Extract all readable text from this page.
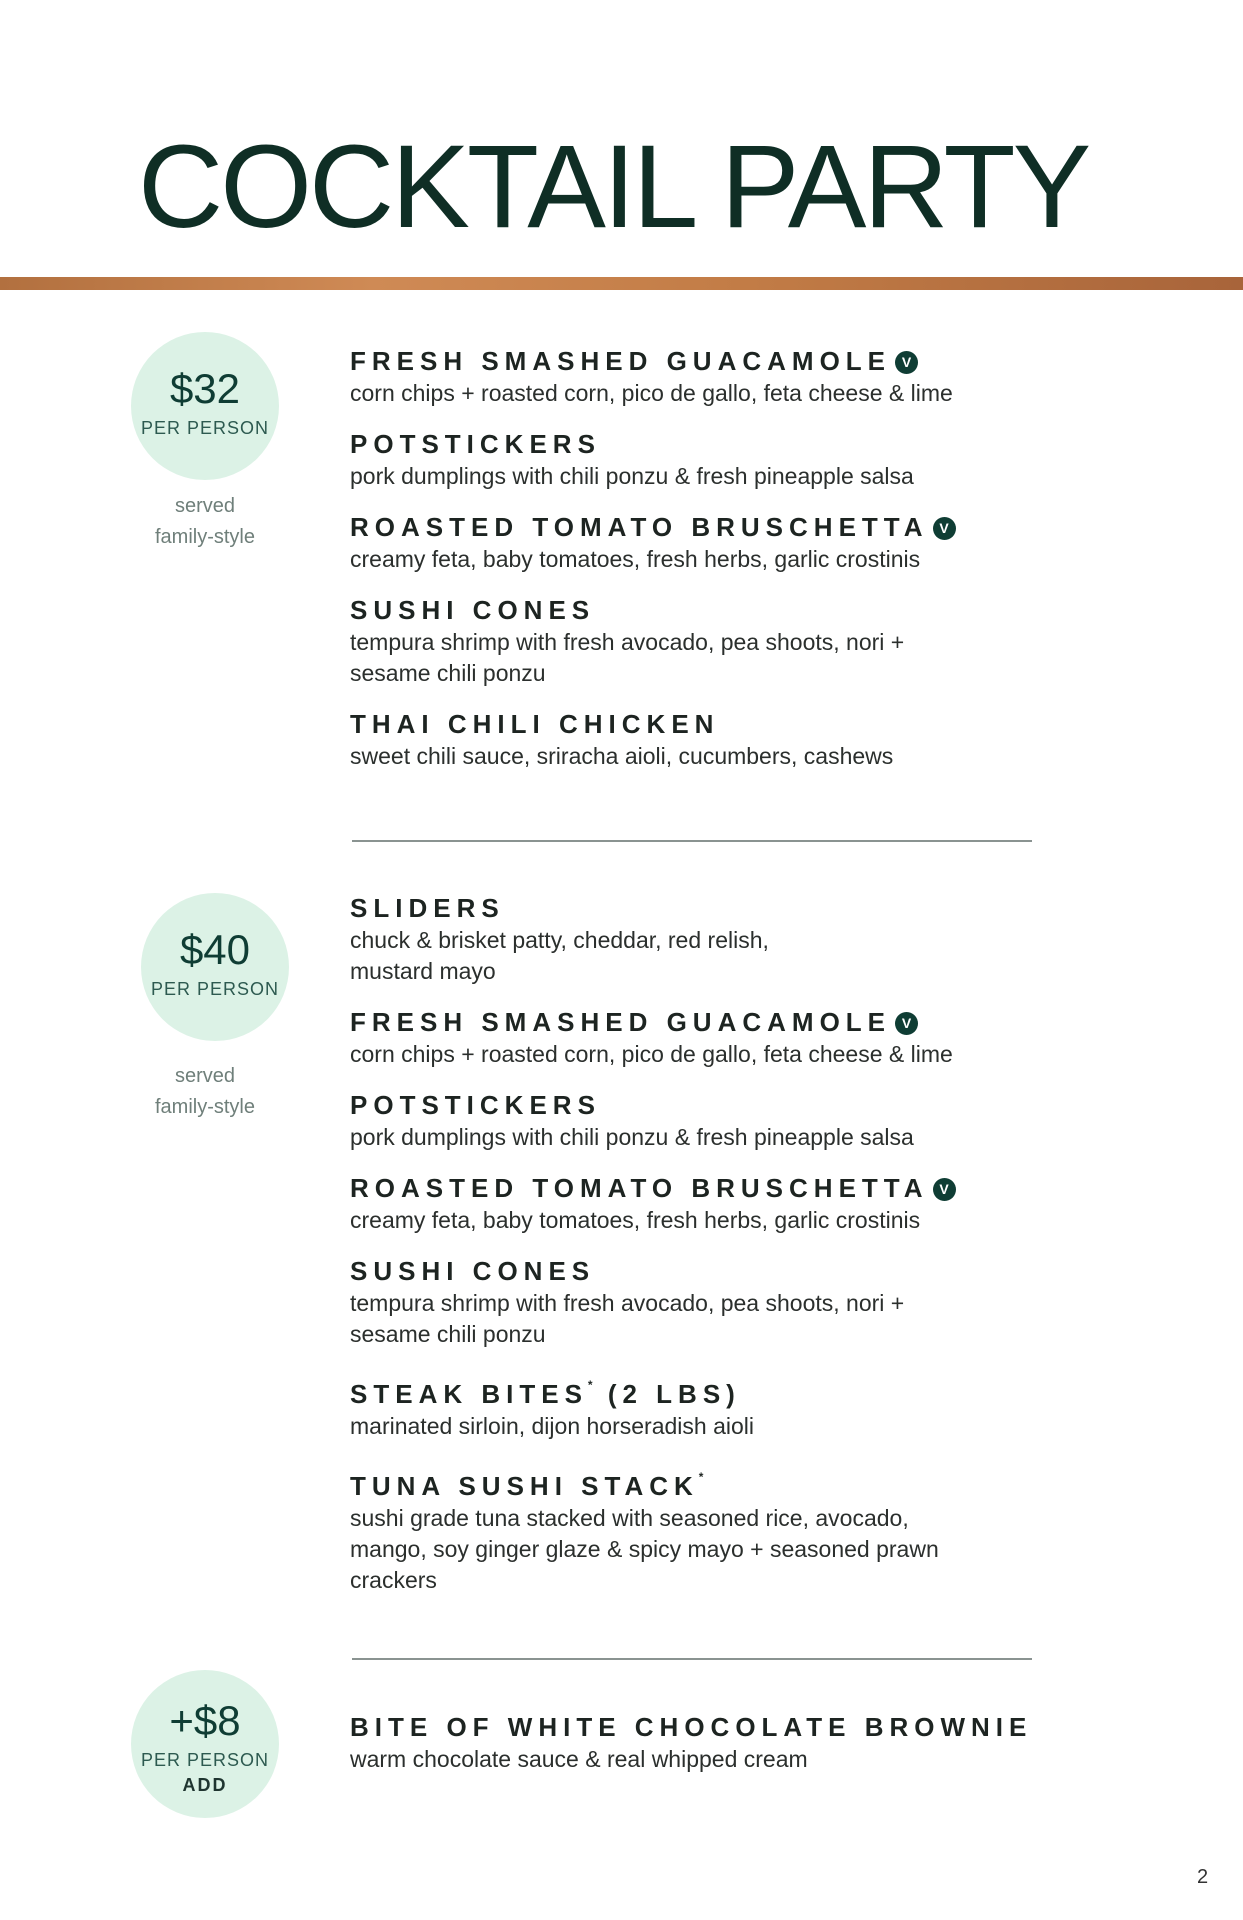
COCKTAIL PARTY
$32
PER PERSON
served
family-style
FRESH SMASHED GUACAMOLE V
corn chips + roasted corn, pico de gallo, feta cheese & lime
POTSTICKERS
pork dumplings with chili ponzu & fresh pineapple salsa
ROASTED TOMATO BRUSCHETTA V
creamy feta, baby tomatoes, fresh herbs, garlic crostinis
SUSHI CONES
tempura shrimp with fresh avocado, pea shoots, nori +
sesame chili ponzu
THAI CHILI CHICKEN
sweet chili sauce, sriracha aioli, cucumbers, cashews
$40
PER PERSON
served
family-style
SLIDERS
chuck & brisket patty, cheddar, red relish,
mustard mayo
FRESH SMASHED GUACAMOLE V
corn chips + roasted corn, pico de gallo, feta cheese & lime
POTSTICKERS
pork dumplings with chili ponzu & fresh pineapple salsa
ROASTED TOMATO BRUSCHETTA V
creamy feta, baby tomatoes, fresh herbs, garlic crostinis
SUSHI CONES
tempura shrimp with fresh avocado, pea shoots, nori +
sesame chili ponzu
STEAK BITES* (2 LBS)
marinated sirloin, dijon horseradish aioli
TUNA SUSHI STACK*
sushi grade tuna stacked with seasoned rice, avocado,
mango, soy ginger glaze & spicy mayo + seasoned prawn
crackers
+$8
PER PERSON
ADD
BITE OF WHITE CHOCOLATE BROWNIE
warm chocolate sauce & real whipped cream
2
